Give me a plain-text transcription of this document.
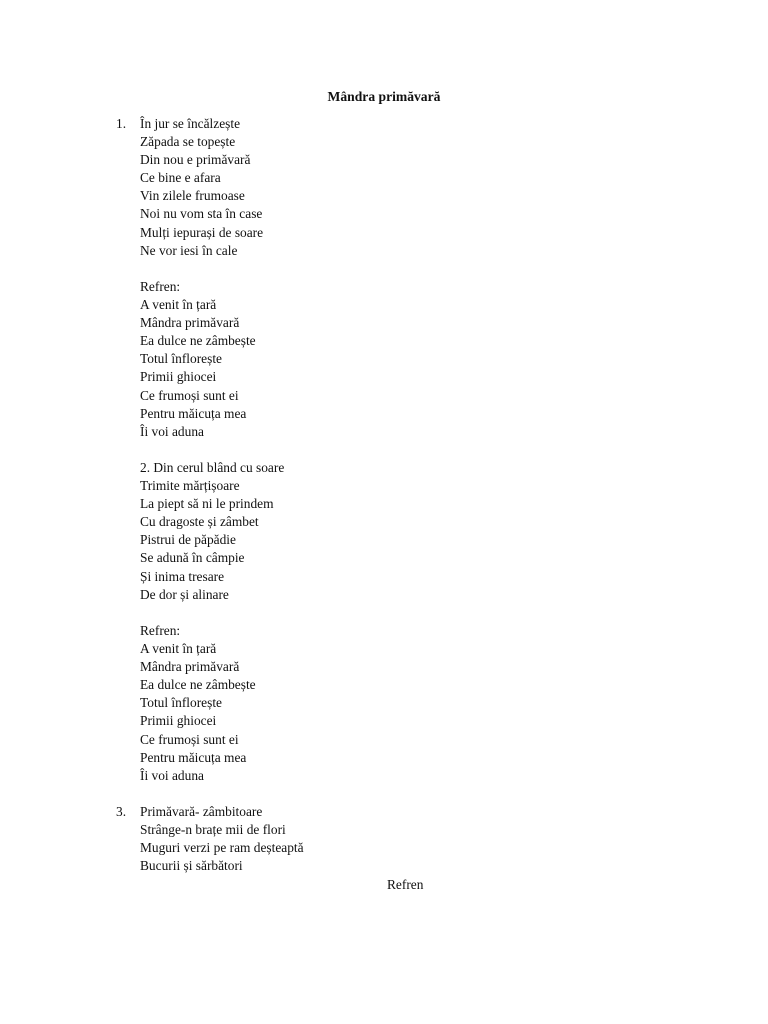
Mândra primăvară
1. În jur se încălzește
Zăpada se topește
Din nou e primăvară
Ce bine e afara
Vin zilele frumoase
Noi nu vom sta în case
Mulți iepurași de soare
Ne vor iesi în cale
Refren:
A venit în țară
Mândra primăvară
Ea dulce ne zâmbește
Totul înflorește
Primii ghiocei
Ce frumoși sunt ei
Pentru măicuța mea
Îi voi aduna
2. Din cerul blând cu soare
Trimite mărțișoare
La piept să ni le prindem
Cu dragoste și zâmbet
Pistrui de păpădie
Se adună în câmpie
Și inima tresare
De dor și alinare
Refren:
A venit în țară
Mândra primăvară
Ea dulce ne zâmbește
Totul înflorește
Primii ghiocei
Ce frumoși sunt ei
Pentru măicuța mea
Îi voi aduna
3. Primăvară- zâmbitoare
Strânge-n brațe mii de flori
Muguri verzi pe ram deșteaptă
Bucurii și sărbători
Refren
